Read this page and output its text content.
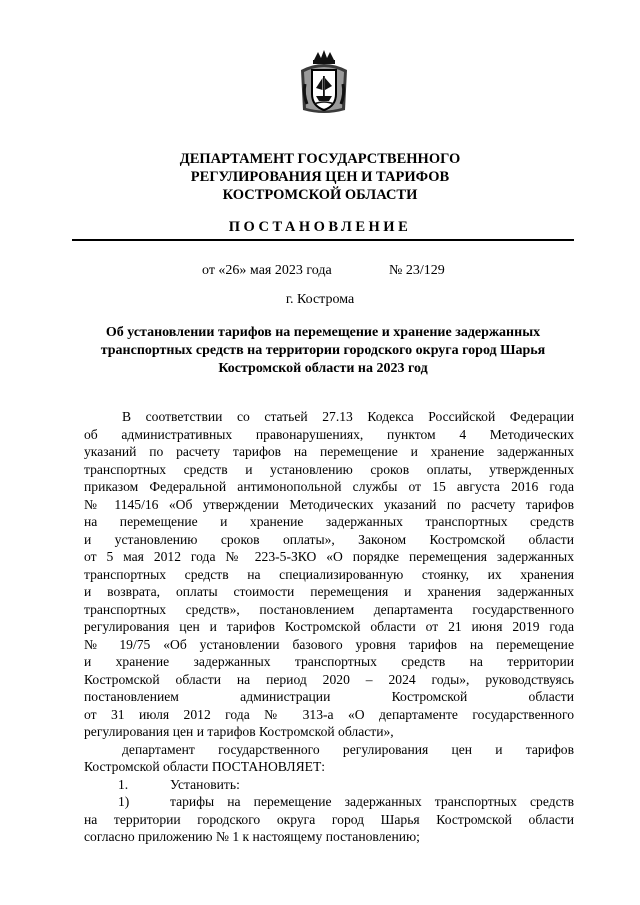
ДЕПАРТАМЕНТ ГОСУДАРСТВЕННОГО
РЕГУЛИРОВАНИЯ ЦЕН И ТАРИФОВ
КОСТРОМСКОЙ ОБЛАСТИ
ПОСТАНОВЛЕНИЕ
от «26» мая 2023 года	№ 23/129
г. Кострома
Об установлении тарифов на перемещение и хранение задержанных
транспортных средств на территории городского округа город Шарья
Костромской области на 2023 год
В соответствии со статьей 27.13 Кодекса Российской Федерации
об административных правонарушениях, пунктом 4 Методических
указаний по расчету тарифов на перемещение и хранение задержанных
транспортных средств и установлению сроков оплаты, утвержденных
приказом Федеральной антимонопольной службы от 15 августа 2016 года
№ 1145/16 «Об утверждении Методических указаний по расчету тарифов
на перемещение и хранение задержанных транспортных средств
и установлению сроков оплаты», Законом Костромской области
от 5 мая 2012 года № 223-5-ЗКО «О порядке перемещения задержанных
транспортных средств на специализированную стоянку, их хранения
и возврата, оплаты стоимости перемещения и хранения задержанных
транспортных средств», постановлением департамента государственного
регулирования цен и тарифов Костромской области от 21 июня 2019 года
№ 19/75 «Об установлении базового уровня тарифов на перемещение
и хранение задержанных транспортных средств на территории
Костромской области на период 2020 – 2024 годы», руководствуясь
постановлением администрации Костромской области
от 31 июля 2012 года № 313-а «О департаменте государственного
регулирования цен и тарифов Костромской области»,
департамент государственного регулирования цен и тарифов
Костромской области ПОСТАНОВЛЯЕТ:
1.	Установить:
1)	тарифы на перемещение задержанных транспортных средств
на территории городского округа город Шарья Костромской области
согласно приложению № 1 к настоящему постановлению;
